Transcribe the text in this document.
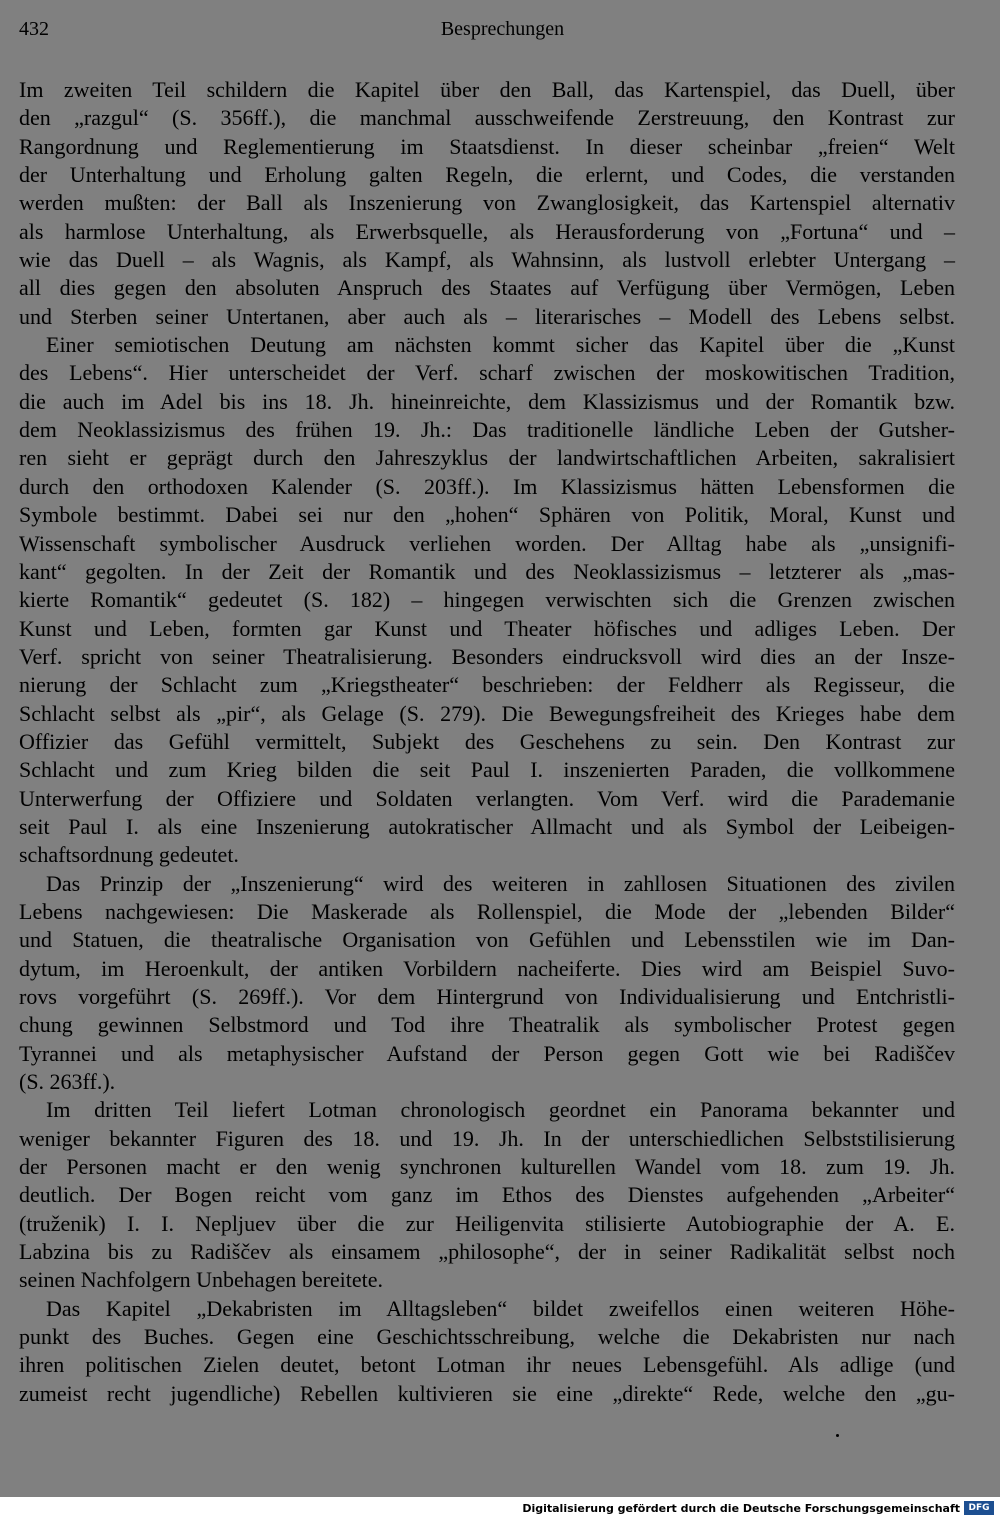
432	Besprechungen
Im zweiten Teil schildern die Kapitel über den Ball, das Kartenspiel, das Duell, über
den „razgul“ (S. 356ff.), die manchmal ausschweifende Zerstreuung, den Kontrast zur
Rangordnung und Reglementierung im Staatsdienst. In dieser scheinbar „freien“ Welt
der Unterhaltung und Erholung galten Regeln, die erlernt, und Codes, die verstanden
werden mußten: der Ball als Inszenierung von Zwanglosigkeit, das Kartenspiel alternativ
als harmlose Unterhaltung, als Erwerbsquelle, als Herausforderung von „Fortuna“ und –
wie das Duell – als Wagnis, als Kampf, als Wahnsinn, als lustvoll erlebter Untergang –
all dies gegen den absoluten Anspruch des Staates auf Verfügung über Vermögen, Leben
und Sterben seiner Untertanen, aber auch als – literarisches – Modell des Lebens selbst.
Einer semiotischen Deutung am nächsten kommt sicher das Kapitel über die „Kunst
des Lebens“. Hier unterscheidet der Verf. scharf zwischen der moskowitischen Tradition,
die auch im Adel bis ins 18. Jh. hineinreichte, dem Klassizismus und der Romantik bzw.
dem Neoklassizismus des frühen 19. Jh.: Das traditionelle ländliche Leben der Gutsher-
ren sieht er geprägt durch den Jahreszyklus der landwirtschaftlichen Arbeiten, sakralisiert
durch den orthodoxen Kalender (S. 203ff.). Im Klassizismus hätten Lebensformen die
Symbole bestimmt. Dabei sei nur den „hohen“ Sphären von Politik, Moral, Kunst und
Wissenschaft symbolischer Ausdruck verliehen worden. Der Alltag habe als „unsignifi-
kant“ gegolten. In der Zeit der Romantik und des Neoklassizismus – letzterer als „mas-
kierte Romantik“ gedeutet (S. 182) – hingegen verwischten sich die Grenzen zwischen
Kunst und Leben, formten gar Kunst und Theater höfisches und adliges Leben. Der
Verf. spricht von seiner Theatralisierung. Besonders eindrucksvoll wird dies an der Insze-
nierung der Schlacht zum „Kriegstheater“ beschrieben: der Feldherr als Regisseur, die
Schlacht selbst als „pir“, als Gelage (S. 279). Die Bewegungsfreiheit des Krieges habe dem
Offizier das Gefühl vermittelt, Subjekt des Geschehens zu sein. Den Kontrast zur
Schlacht und zum Krieg bilden die seit Paul I. inszenierten Paraden, die vollkommene
Unterwerfung der Offiziere und Soldaten verlangten. Vom Verf. wird die Parademanie
seit Paul I. als eine Inszenierung autokratischer Allmacht und als Symbol der Leibeigen-
schaftsordnung gedeutet.
Das Prinzip der „Inszenierung“ wird des weiteren in zahllosen Situationen des zivilen
Lebens nachgewiesen: Die Maskerade als Rollenspiel, die Mode der „lebenden Bilder“
und Statuen, die theatralische Organisation von Gefühlen und Lebensstilen wie im Dan-
dytum, im Heroenkult, der antiken Vorbildern nacheiferte. Dies wird am Beispiel Suvo-
rovs vorgeführt (S. 269ff.). Vor dem Hintergrund von Individualisierung und Entchristli-
chung gewinnen Selbstmord und Tod ihre Theatralik als symbolischer Protest gegen
Tyrannei und als metaphysischer Aufstand der Person gegen Gott wie bei Radiščev
(S. 263ff.).
Im dritten Teil liefert Lotman chronologisch geordnet ein Panorama bekannter und
weniger bekannter Figuren des 18. und 19. Jh. In der unterschiedlichen Selbststilisierung
der Personen macht er den wenig synchronen kulturellen Wandel vom 18. zum 19. Jh.
deutlich. Der Bogen reicht vom ganz im Ethos des Dienstes aufgehenden „Arbeiter“
(truženik) I. I. Nepljuev über die zur Heiligenvita stilisierte Autobiographie der A. E.
Labzina bis zu Radiščev als einsamem „philosophe“, der in seiner Radikalität selbst noch
seinen Nachfolgern Unbehagen bereitete.
Das Kapitel „Dekabristen im Alltagsleben“ bildet zweifellos einen weiteren Höhe-
punkt des Buches. Gegen eine Geschichtsschreibung, welche die Dekabristen nur nach
ihren politischen Zielen deutet, betont Lotman ihr neues Lebensgefühl. Als adlige (und
zumeist recht jugendliche) Rebellen kultivieren sie eine „direkte“ Rede, welche den „gu-
Digitalisierung gefördert durch die Deutsche Forschungsgemeinschaft DFG
